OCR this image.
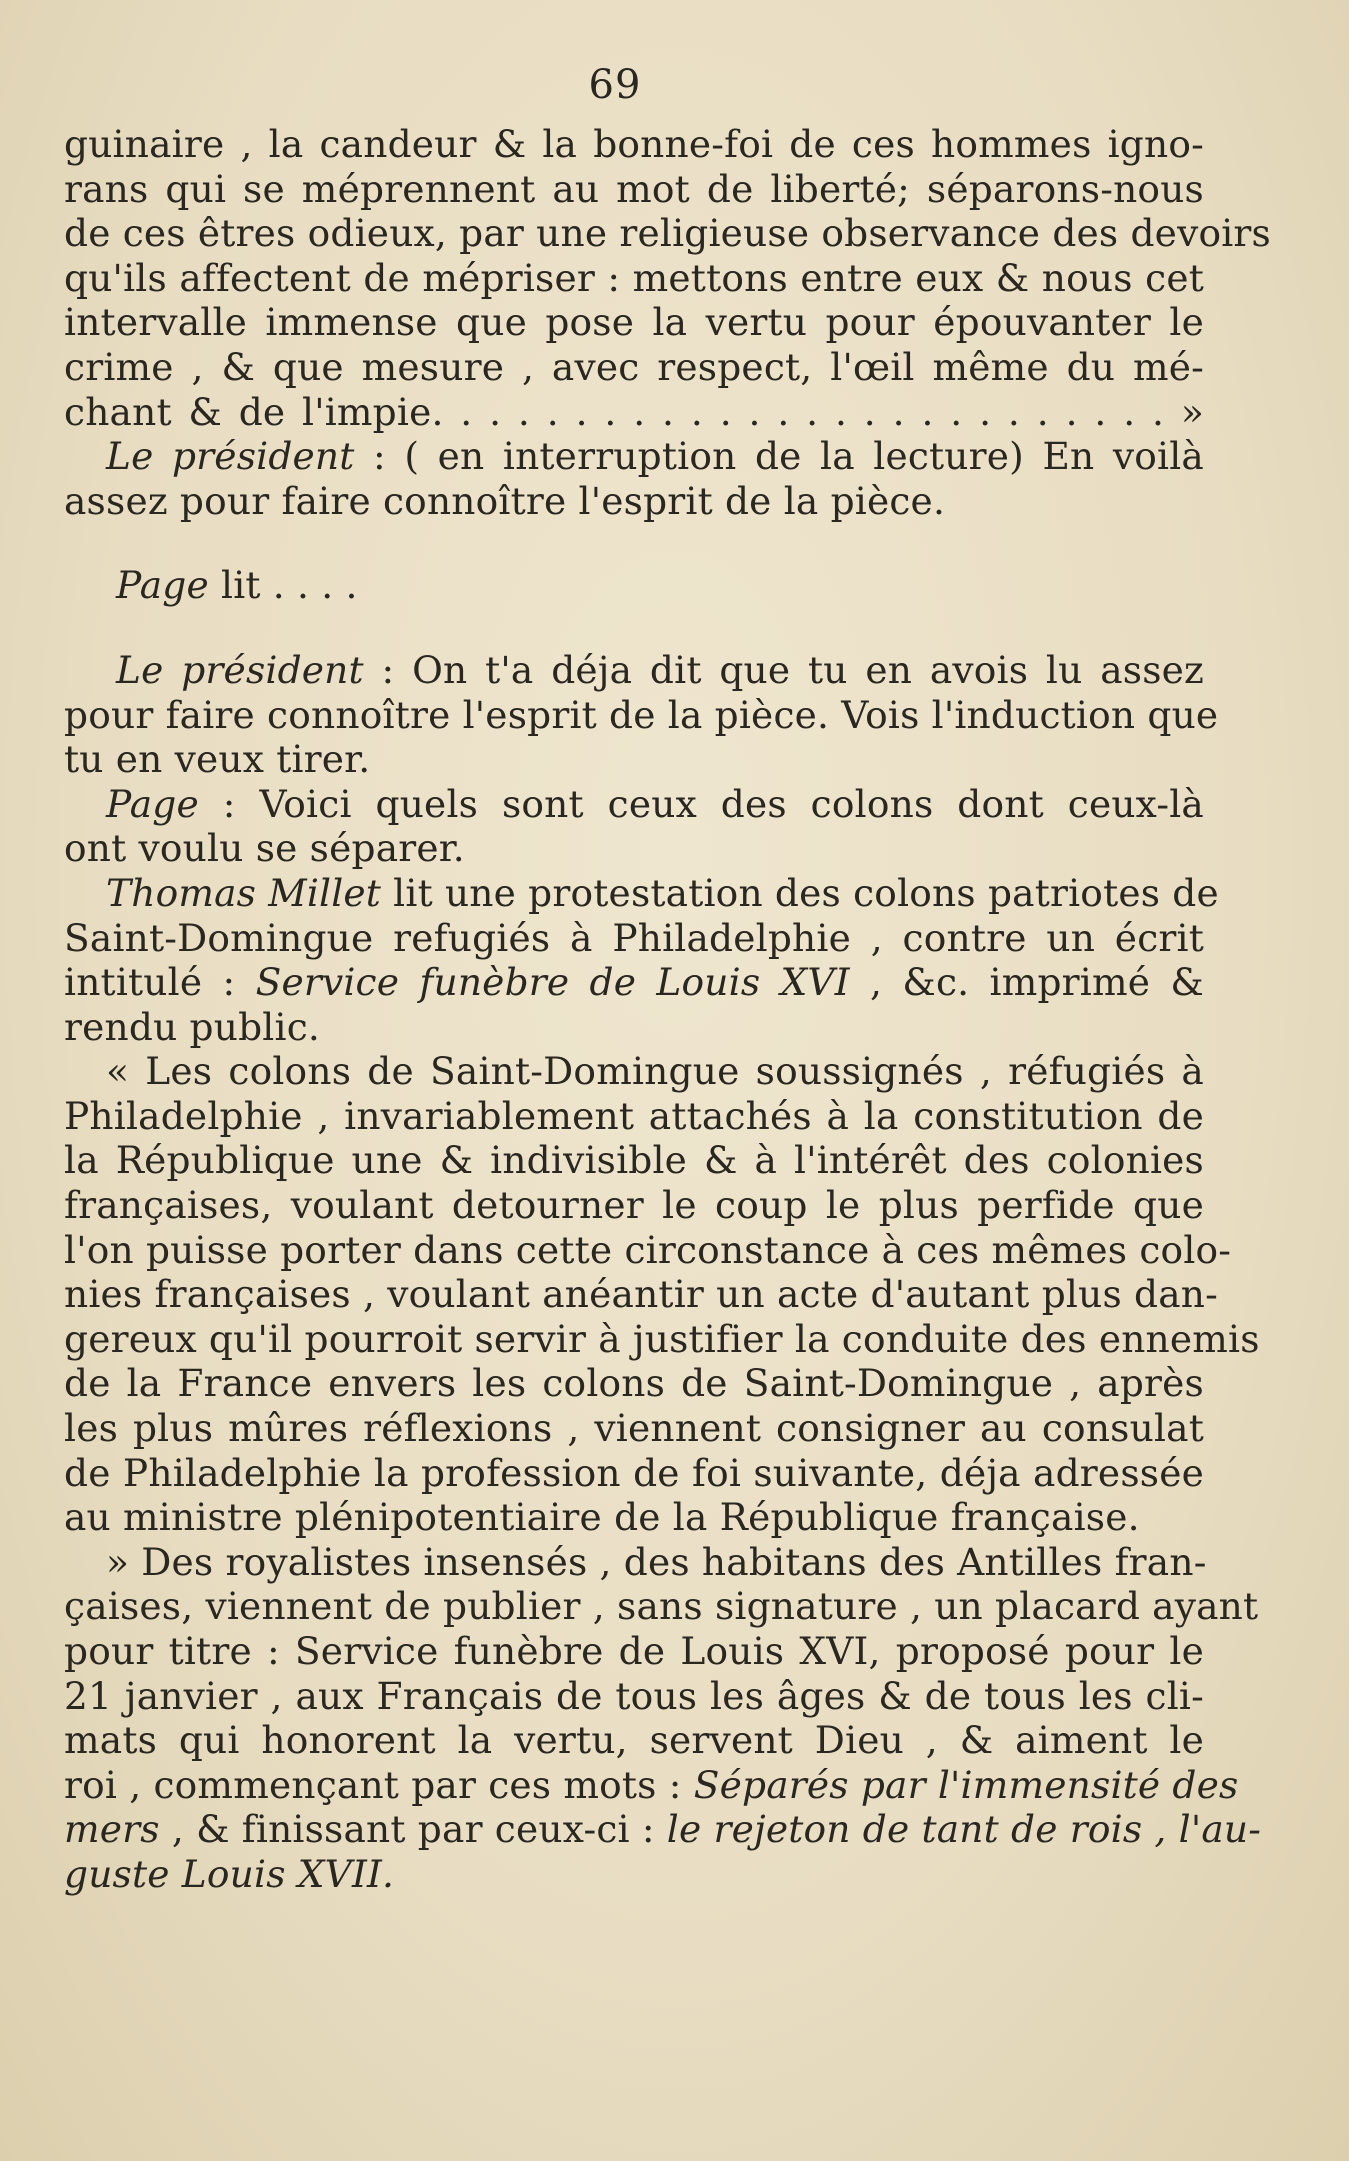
69
guinaire , la candeur & la bonne-foi de ces hommes igno-
rans qui se méprennent au mot de liberté; séparons-nous
de ces êtres odieux, par une religieuse observance des devoirs
qu'ils affectent de mépriser : mettons entre eux & nous cet
intervalle immense que pose la vertu pour épouvanter le
crime , & que mesure , avec respect, l'œil même du mé-
chant & de l'impie. . . . . . . . . . . . . . . . . . . . . . . . . . »
Le président : ( en interruption de la lecture) En voilà
assez pour faire connoître l'esprit de la pièce.
Page lit . . . .
Le président : On t'a déja dit que tu en avois lu assez
pour faire connoître l'esprit de la pièce. Vois l'induction que
tu en veux tirer.
Page : Voici quels sont ceux des colons dont ceux-là
ont voulu se séparer.
Thomas Millet lit une protestation des colons patriotes de
Saint-Domingue refugiés à Philadelphie , contre un écrit
intitulé : Service funèbre de Louis XVI , &c. imprimé &
rendu public.
« Les colons de Saint-Domingue soussignés , réfugiés à
Philadelphie , invariablement attachés à la constitution de
la République une & indivisible & à l'intérêt des colonies
françaises, voulant detourner le coup le plus perfide que
l'on puisse porter dans cette circonstance à ces mêmes colo-
nies françaises , voulant anéantir un acte d'autant plus dan-
gereux qu'il pourroit servir à justifier la conduite des ennemis
de la France envers les colons de Saint-Domingue , après
les plus mûres réflexions , viennent consigner au consulat
de Philadelphie la profession de foi suivante, déja adressée
au ministre plénipotentiaire de la République française.
» Des royalistes insensés , des habitans des Antilles fran-
çaises, viennent de publier , sans signature , un placard ayant
pour titre : Service funèbre de Louis XVI, proposé pour le
21 janvier , aux Français de tous les âges & de tous les cli-
mats qui honorent la vertu, servent Dieu , & aiment le
roi , commençant par ces mots : Séparés par l'immensité des
mers , & finissant par ceux-ci : le rejeton de tant de rois , l'au-
guste Louis XVII.
